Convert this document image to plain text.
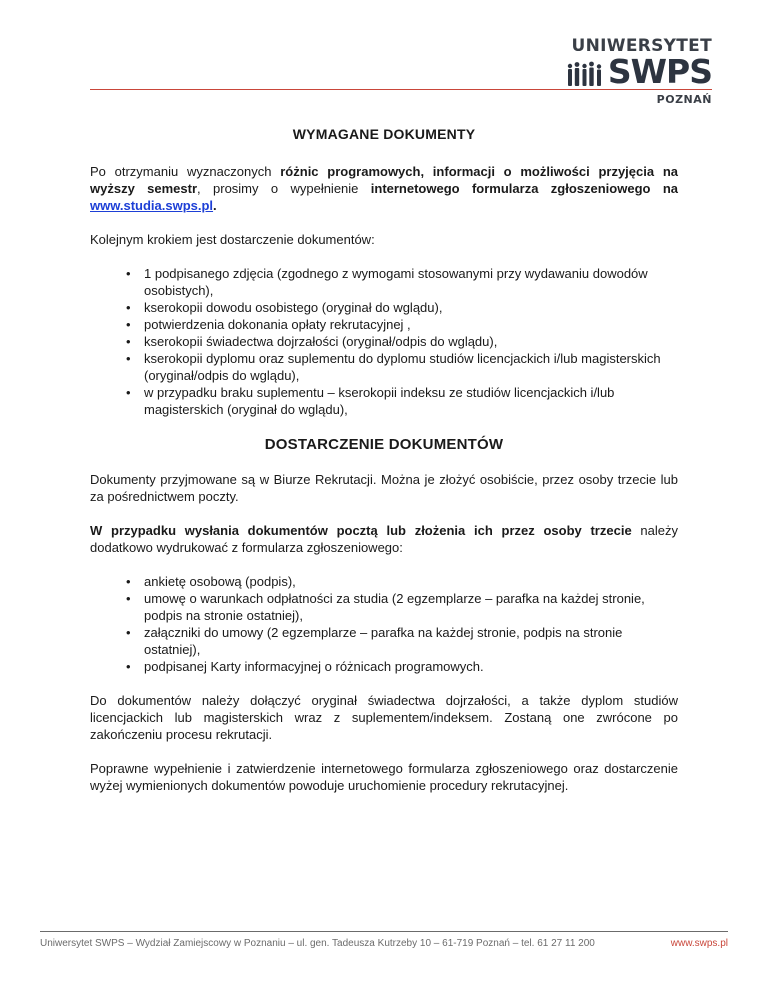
UNIWERSYTET
SWPS
POZNAŃ
WYMAGANE DOKUMENTY

Po otrzymaniu wyznaczonych różnic programowych, informacji o możliwości przyjęcia na wyższy semestr, prosimy o wypełnienie internetowego formularza zgłoszeniowego na www.studia.swps.pl.

Kolejnym krokiem jest dostarczenie dokumentów:

• 1 podpisanego zdjęcia (zgodnego z wymogami stosowanymi przy wydawaniu dowodów osobistych),
• kserokopii dowodu osobistego (oryginał do wglądu),
• potwierdzenia dokonania opłaty rekrutacyjnej ,
• kserokopii świadectwa dojrzałości (oryginał/odpis do wglądu),
• kserokopii dyplomu oraz suplementu do dyplomu studiów licencjackich i/lub magisterskich (oryginał/odpis do wglądu),
• w przypadku braku suplementu – kserokopii indeksu ze studiów licencjackich i/lub magisterskich (oryginał do wglądu),
DOSTARCZENIE DOKUMENTÓW

Dokumenty przyjmowane są w Biurze Rekrutacji. Można je złożyć osobiście, przez osoby trzecie lub za pośrednictwem poczty.

W przypadku wysłania dokumentów pocztą lub złożenia ich przez osoby trzecie należy dodatkowo wydrukować z formularza zgłoszeniowego:

• ankietę osobową (podpis),
• umowę o warunkach odpłatności za studia (2 egzemplarze – parafka na każdej stronie, podpis na stronie ostatniej),
• załączniki do umowy (2 egzemplarze – parafka na każdej stronie, podpis na stronie ostatniej),
• podpisanej Karty informacyjnej o różnicach programowych.

Do dokumentów należy dołączyć oryginał świadectwa dojrzałości, a także dyplom studiów licencjackich lub magisterskich wraz z suplementem/indeksem. Zostaną one zwrócone po zakończeniu procesu rekrutacji.

Poprawne wypełnienie i zatwierdzenie internetowego formularza zgłoszeniowego oraz dostarczenie wyżej wymienionych dokumentów powoduje uruchomienie procedury rekrutacyjnej.

Uniwersytet SWPS – Wydział Zamiejscowy w Poznaniu – ul. gen. Tadeusza Kutrzeby 10 – 61-719 Poznań – tel. 61 27 11 200	www.swps.pl
